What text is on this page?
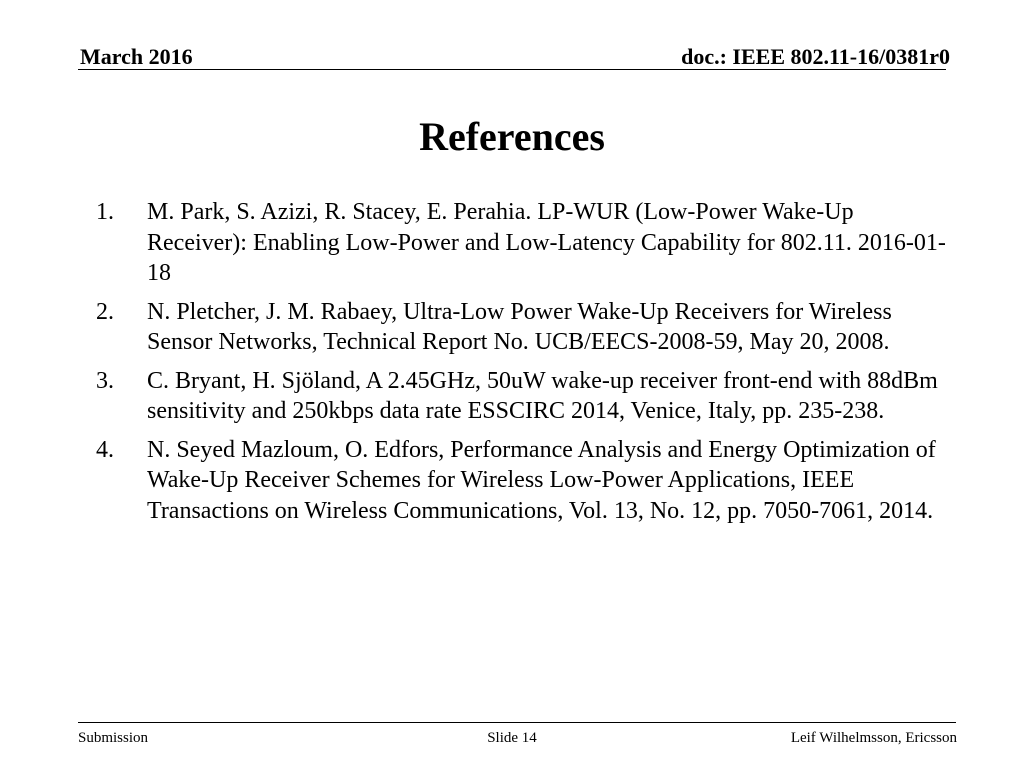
March 2016	doc.: IEEE 802.11-16/0381r0
References
1. M. Park, S. Azizi, R. Stacey, E. Perahia. LP-WUR (Low-Power Wake-Up Receiver): Enabling Low-Power and Low-Latency Capability for 802.11. 2016-01-18
2. N. Pletcher, J. M. Rabaey, Ultra-Low Power Wake-Up Receivers for Wireless Sensor Networks, Technical Report No. UCB/EECS-2008-59, May 20, 2008.
3. C. Bryant, H. Sjöland, A 2.45GHz, 50uW wake-up receiver front-end with 88dBm sensitivity and 250kbps data rate ESSCIRC 2014, Venice, Italy, pp. 235-238.
4. N. Seyed Mazloum, O. Edfors, Performance Analysis and Energy Optimization of Wake-Up Receiver Schemes for Wireless Low-Power Applications, IEEE Transactions on Wireless Communications, Vol. 13, No. 12, pp. 7050-7061, 2014.
Submission	Slide 14	Leif Wilhelmsson, Ericsson
